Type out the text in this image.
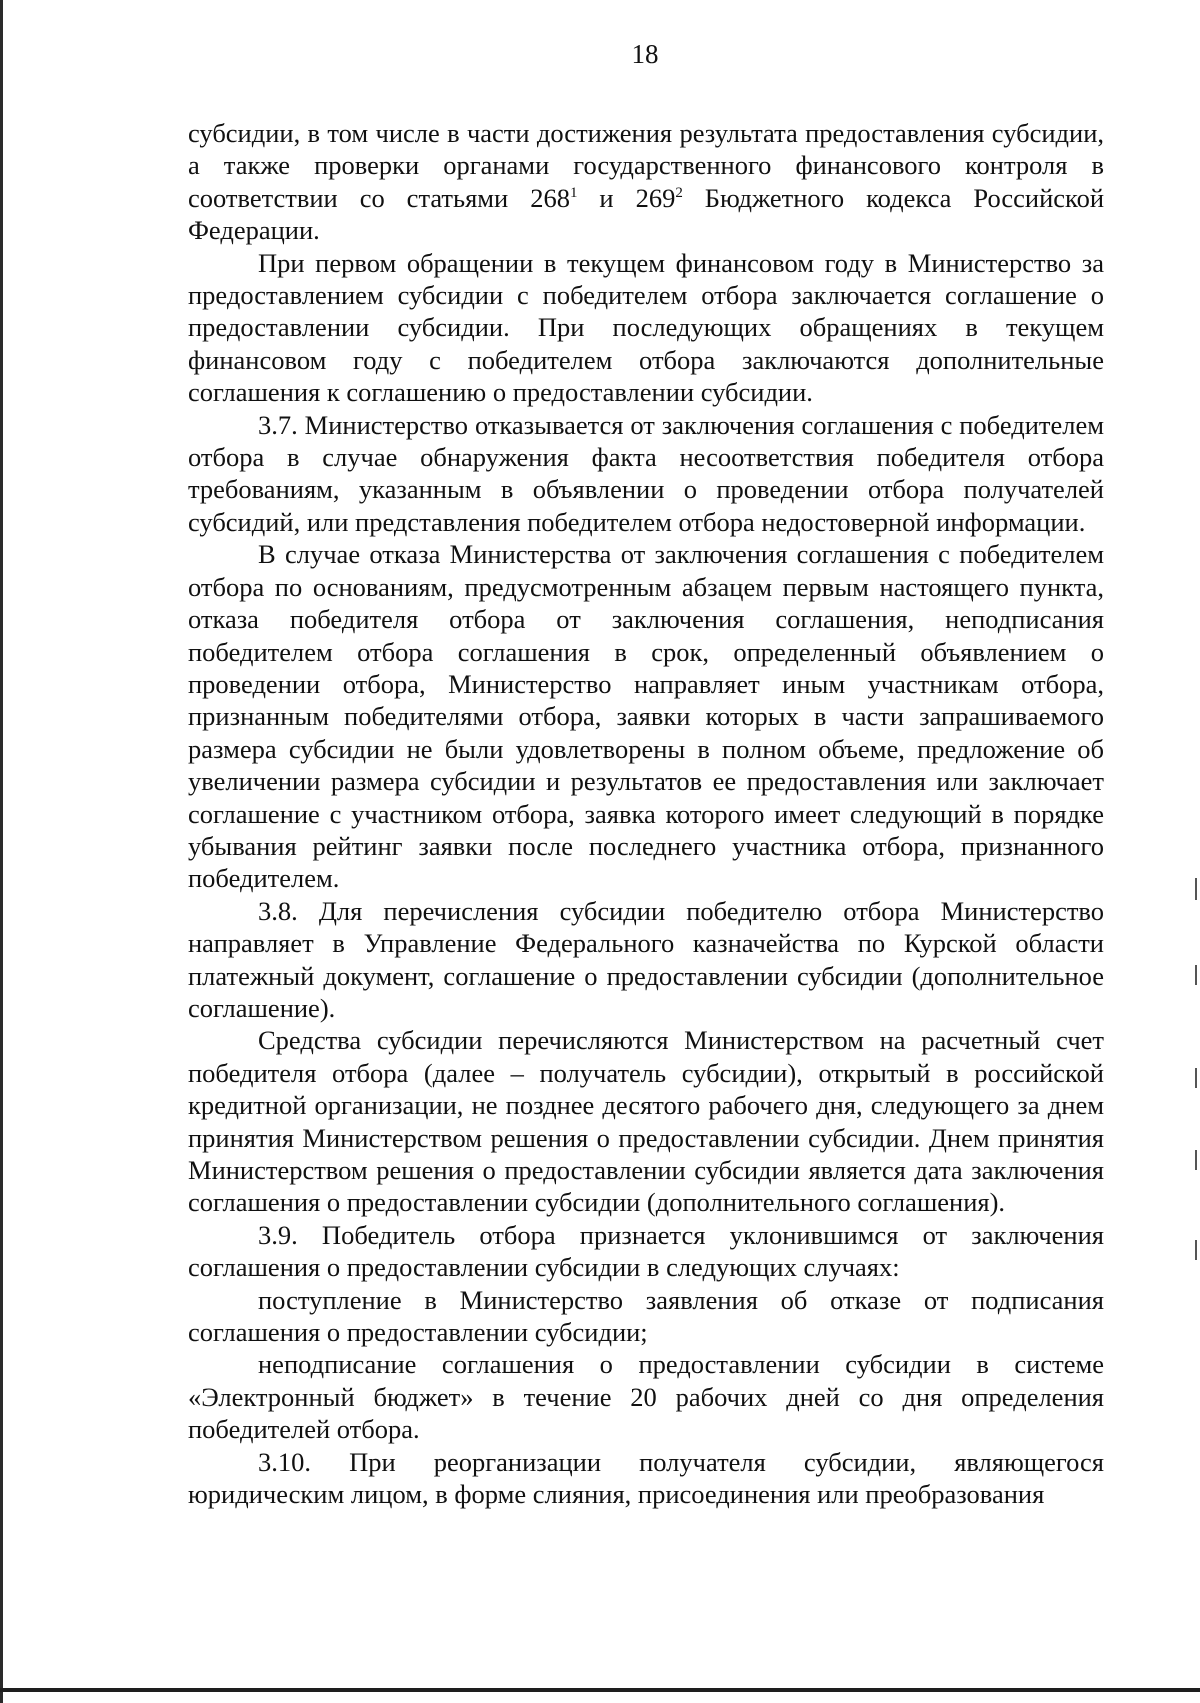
18

субсидии, в том числе в части достижения результата предоставления субсидии, а также проверки органами государственного финансового контроля в соответствии со статьями $268^1$ и $269^2$ Бюджетного кодекса Российской Федерации.

При первом обращении в текущем финансовом году в Министерство за предоставлением субсидии с победителем отбора заключается соглашение о предоставлении субсидии. При последующих обращениях в текущем финансовом году с победителем отбора заключаются дополнительные соглашения к соглашению о предоставлении субсидии.

3.7. Министерство отказывается от заключения соглашения с победителем отбора в случае обнаружения факта несоответствия победителя отбора требованиям, указанным в объявлении о проведении отбора получателей субсидий, или представления победителем отбора недостоверной информации.

В случае отказа Министерства от заключения соглашения с победителем отбора по основаниям, предусмотренным абзацем первым настоящего пункта, отказа победителя отбора от заключения соглашения, неподписания победителем отбора соглашения в срок, определенный объявлением о проведении отбора, Министерство направляет иным участникам отбора, признанным победителями отбора, заявки которых в части запрашиваемого размера субсидии не были удовлетворены в полном объеме, предложение об увеличении размера субсидии и результатов ее предоставления или заключает соглашение с участником отбора, заявка которого имеет следующий в порядке убывания рейтинг заявки после последнего участника отбора, признанного победителем.

3.8. Для перечисления субсидии победителю отбора Министерство направляет в Управление Федерального казначейства по Курской области платежный документ, соглашение о предоставлении субсидии (дополнительное соглашение).

Средства субсидии перечисляются Министерством на расчетный счет победителя отбора (далее – получатель субсидии), открытый в российской кредитной организации, не позднее десятого рабочего дня, следующего за днем принятия Министерством решения о предоставлении субсидии. Днем принятия Министерством решения о предоставлении субсидии является дата заключения соглашения о предоставлении субсидии (дополнительного соглашения).

3.9. Победитель отбора признается уклонившимся от заключения соглашения о предоставлении субсидии в следующих случаях:

поступление в Министерство заявления об отказе от подписания соглашения о предоставлении субсидии;

неподписание соглашения о предоставлении субсидии в системе «Электронный бюджет» в течение 20 рабочих дней со дня определения победителей отбора.

3.10. При реорганизации получателя субсидии, являющегося юридическим лицом, в форме слияния, присоединения или преобразования
